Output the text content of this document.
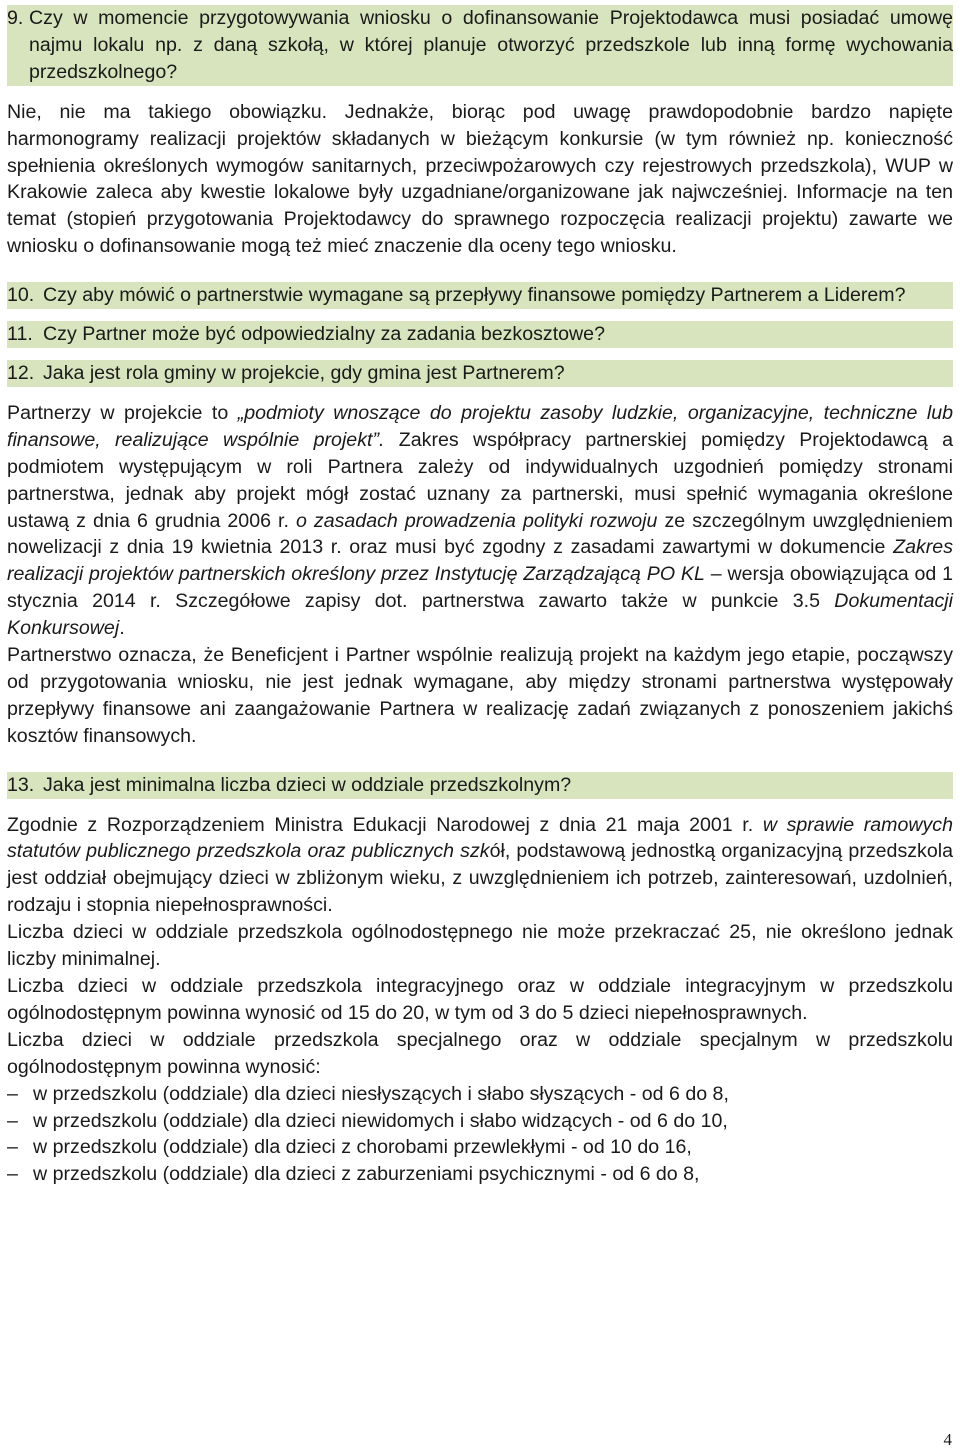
9. Czy w momencie przygotowywania wniosku o dofinansowanie Projektodawca musi posiadać umowę najmu lokalu np. z daną szkołą, w której planuje otworzyć przedszkole lub inną formę wychowania przedszkolnego?

Nie, nie ma takiego obowiązku. Jednakże, biorąc pod uwagę prawdopodobnie bardzo napięte harmonogramy realizacji projektów składanych w bieżącym konkursie (w tym również np. konieczność spełnienia określonych wymogów sanitarnych, przeciwpożarowych czy rejestrowych przedszkola), WUP w Krakowie zaleca aby kwestie lokalowe były uzgadniane/organizowane jak najwcześniej. Informacje na ten temat (stopień przygotowania Projektodawcy do sprawnego rozpoczęcia realizacji projektu) zawarte we wniosku o dofinansowanie mogą też mieć znaczenie dla oceny tego wniosku.

10. Czy aby mówić o partnerstwie wymagane są przepływy finansowe pomiędzy Partnerem a Liderem?
11. Czy Partner może być odpowiedzialny za zadania bezkosztowe?
12. Jaka jest rola gminy w projekcie, gdy gmina jest Partnerem?

Partnerzy w projekcie to „podmioty wnoszące do projektu zasoby ludzkie, organizacyjne, techniczne lub finansowe, realizujące wspólnie projekt”. Zakres współpracy partnerskiej pomiędzy Projektodawcą a podmiotem występującym w roli Partnera zależy od indywidualnych uzgodnień pomiędzy stronami partnerstwa, jednak aby projekt mógł zostać uznany za partnerski, musi spełnić wymagania określone ustawą z dnia 6 grudnia 2006 r. o zasadach prowadzenia polityki rozwoju ze szczególnym uwzględnieniem nowelizacji z dnia 19 kwietnia 2013 r. oraz musi być zgodny z zasadami zawartymi w dokumencie Zakres realizacji projektów partnerskich określony przez Instytucję Zarządzającą PO KL – wersja obowiązująca od 1 stycznia 2014 r. Szczegółowe zapisy dot. partnerstwa zawarto także w punkcie 3.5 Dokumentacji Konkursowej.

Partnerstwo oznacza, że Beneficjent i Partner wspólnie realizują projekt na każdym jego etapie, począwszy od przygotowania wniosku, nie jest jednak wymagane, aby między stronami partnerstwa występowały przepływy finansowe ani zaangażowanie Partnera w realizację zadań związanych z ponoszeniem jakichś kosztów finansowych.

13. Jaka jest minimalna liczba dzieci w oddziale przedszkolnym?

Zgodnie z Rozporządzeniem Ministra Edukacji Narodowej z dnia 21 maja 2001 r. w sprawie ramowych statutów publicznego przedszkola oraz publicznych szkół, podstawową jednostką organizacyjną przedszkola jest oddział obejmujący dzieci w zbliżonym wieku, z uwzględnieniem ich potrzeb, zainteresowań, uzdolnień, rodzaju i stopnia niepełnosprawności.

Liczba dzieci w oddziale przedszkola ogólnodostępnego nie może przekraczać 25, nie określono jednak liczby minimalnej.

Liczba dzieci w oddziale przedszkola integracyjnego oraz w oddziale integracyjnym w przedszkolu ogólnodostępnym powinna wynosić od 15 do 20, w tym od 3 do 5 dzieci niepełnosprawnych.

Liczba dzieci w oddziale przedszkola specjalnego oraz w oddziale specjalnym w przedszkolu ogólnodostępnym powinna wynosić:

– w przedszkolu (oddziale) dla dzieci niesłyszących i słabo słyszących - od 6 do 8,
– w przedszkolu (oddziale) dla dzieci niewidomych i słabo widzących - od 6 do 10,
– w przedszkolu (oddziale) dla dzieci z chorobami przewlekłymi - od 10 do 16,
– w przedszkolu (oddziale) dla dzieci z zaburzeniami psychicznymi - od 6 do 8,
4
